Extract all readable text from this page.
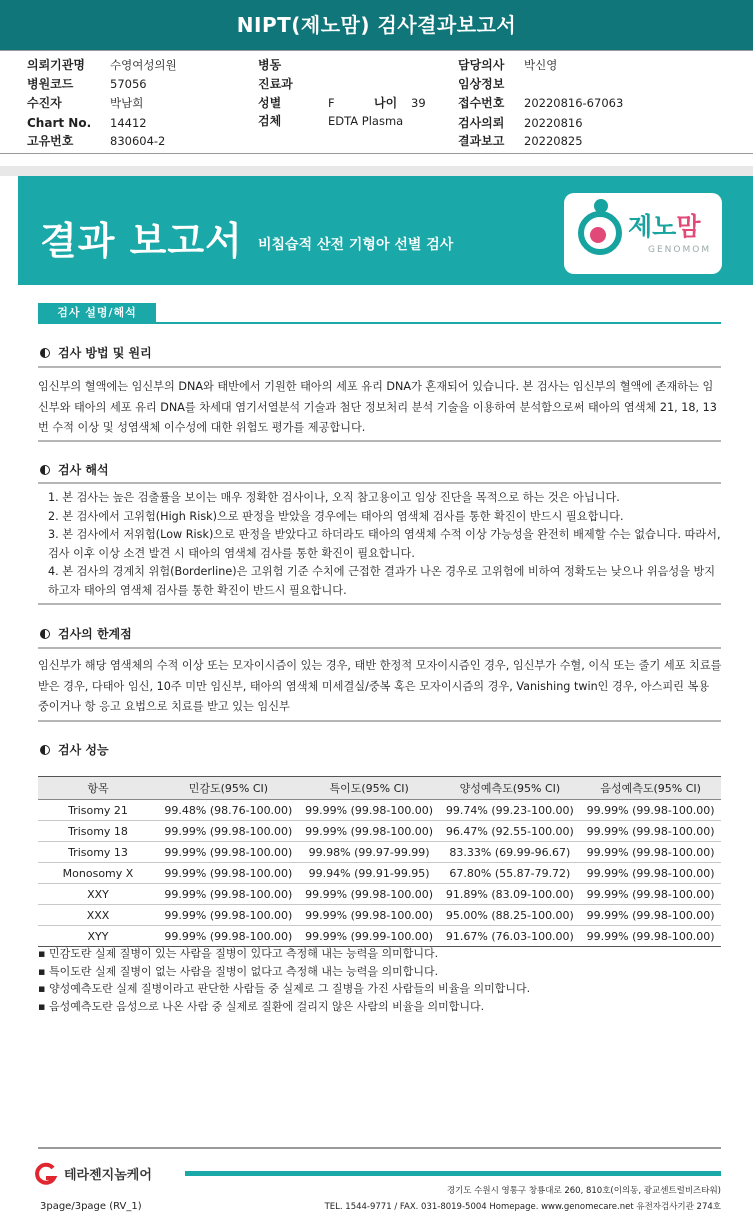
NIPT(제노맘) 검사결과보고서
의뢰기관명 수영여성의원
병원코드	57056
수진자	박남희
Chart No. 14412
고유번호	830604-2
병동
진료과
성별	F	나이 39
검체	EDTA Plasma
담당의사 박신영
임상정보
접수번호 20220816-67063
검사의뢰 20220816
결과보고 20220825
결과 보고서 비침습적 산전 기형아 선별 검사
제노맘
GENOMOM
검사 설명/해석
검사 방법 및 원리
임신부의 혈액에는 임신부의 DNA와 태반에서 기원한 태아의 세포 유리 DNA가 혼재되어 있습니다. 본 검사는 임신부의 혈액에 존재하는 임신부와 태아의 세포 유리 DNA를 차세대 염기서열분석 기술과 첨단 정보처리 분석 기술을 이용하여 분석함으로써 태아의 염색체 21, 18, 13번 수적 이상 및 성염색체 이수성에 대한 위험도 평가를 제공합니다.
검사 해석
1. 본 검사는 높은 검출률을 보이는 매우 정확한 검사이나, 오직 참고용이고 임상 진단을 목적으로 하는 것은 아닙니다.
2. 본 검사에서 고위험(High Risk)으로 판정을 받았을 경우에는 태아의 염색체 검사를 통한 확진이 반드시 필요합니다.
3. 본 검사에서 저위험(Low Risk)으로 판정을 받았다고 하더라도 태아의 염색체 수적 이상 가능성을 완전히 배제할 수는 없습니다. 따라서, 검사 이후 이상 소견 발견 시 태아의 염색체 검사를 통한 확진이 필요합니다.
4. 본 검사의 경계치 위험(Borderline)은 고위험 기준 수치에 근접한 결과가 나온 경우로 고위험에 비하여 정확도는 낮으나 위음성을 방지하고자 태아의 염색체 검사를 통한 확진이 반드시 필요합니다.
검사의 한계점
임신부가 해당 염색체의 수적 이상 또는 모자이시즘이 있는 경우, 태반 한정적 모자이시즘인 경우, 임신부가 수혈, 이식 또는 줄기 세포 치료를 받은 경우, 다태아 임신, 10주 미만 임신부, 태아의 염색체 미세결실/중복 혹은 모자이시즘의 경우, Vanishing twin인 경우, 아스피린 복용 중이거나 항 응고 요법으로 치료를 받고 있는 임신부
검사 성능
항목	민감도(95% CI)	특이도(95% CI)	양성예측도(95% CI)	음성예측도(95% CI)
Trisomy 21	99.48% (98.76-100.00)	99.99% (99.98-100.00)	99.74% (99.23-100.00)	99.99% (99.98-100.00)
Trisomy 18	99.99% (99.98-100.00)	99.99% (99.98-100.00)	96.47% (92.55-100.00)	99.99% (99.98-100.00)
Trisomy 13	99.99% (99.98-100.00)	99.98% (99.97-99.99)	83.33% (69.99-96.67)	99.99% (99.98-100.00)
Monosomy X	99.99% (99.98-100.00)	99.94% (99.91-99.95)	67.80% (55.87-79.72)	99.99% (99.98-100.00)
XXY	99.99% (99.98-100.00)	99.99% (99.98-100.00)	91.89% (83.09-100.00)	99.99% (99.98-100.00)
XXX	99.99% (99.98-100.00)	99.99% (99.98-100.00)	95.00% (88.25-100.00)	99.99% (99.98-100.00)
XYY	99.99% (99.98-100.00)	99.99% (99.99-100.00)	91.67% (76.03-100.00)	99.99% (99.98-100.00)
▪ 민감도란 실제 질병이 있는 사람을 질병이 있다고 측정해 내는 능력을 의미합니다.
▪ 특이도란 실제 질병이 없는 사람을 질병이 없다고 측정해 내는 능력을 의미합니다.
▪ 양성예측도란 실제 질병이라고 판단한 사람들 중 실제로 그 질병을 가진 사람들의 비율을 의미합니다.
▪ 음성예측도란 음성으로 나온 사람 중 실제로 질환에 걸리지 않은 사람의 비율을 의미합니다.
테라젠지놈케어
경기도 수원시 영통구 창룡대로 260, 810호(이의동, 광교센트럴비즈타워)
TEL. 1544-9771 / FAX. 031-8019-5004 Homepage. www.genomecare.net 유전자검사기관 274호
3page/3page (RV_1)
